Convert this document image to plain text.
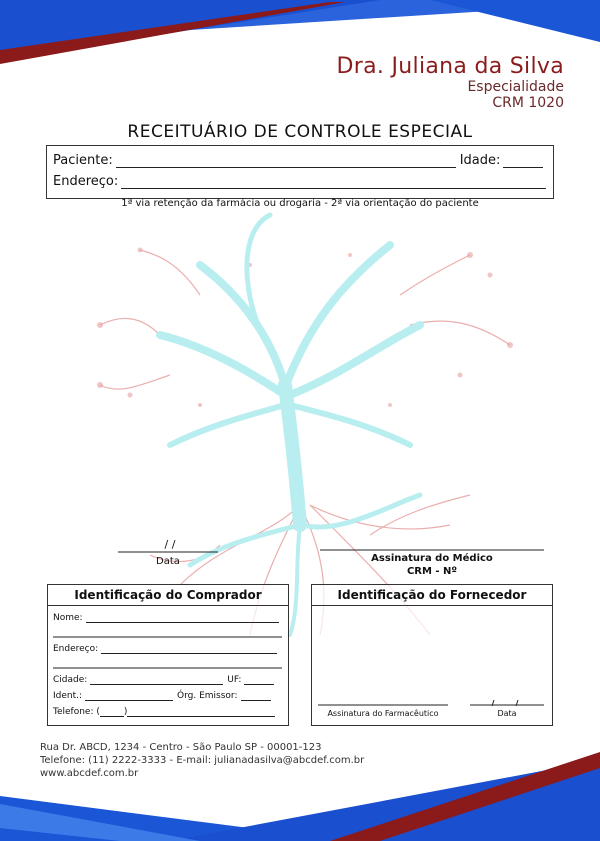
Dra. Juliana da Silva
Especialidade
CRM 1020
RECEITUÁRIO DE CONTROLE ESPECIAL
Paciente:	Idade:
Endereço:
1ª via retenção da farmácia ou drogaria - 2ª via orientação do paciente
/ /
Data	Assinatura do Médico
CRM - Nº
Identificação do Comprador
Nome:
Endereço:
Cidade:	UF:
Ident.:	Órg. Emissor:
Telefone: (	)
Identificação do Fornecedor
Assinatura do Farmacêutico	Data
Rua Dr. ABCD, 1234 - Centro - São Paulo SP - 00001-123
Telefone: (11) 2222-3333 - E-mail: julianadasilva@abcdef.com.br
www.abcdef.com.br
